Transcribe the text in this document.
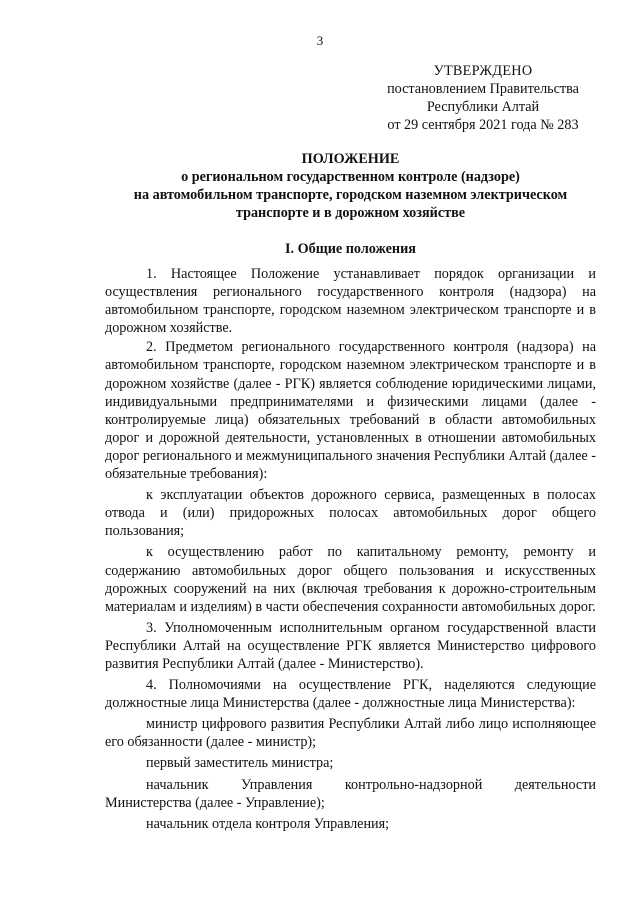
3
УТВЕРЖДЕНО
постановлением Правительства
Республики Алтай
от 29 сентября 2021 года № 283
ПОЛОЖЕНИЕ
о региональном государственном контроле (надзоре)
на автомобильном транспорте, городском наземном электрическом
транспорте и в дорожном хозяйстве
I. Общие положения

1. Настоящее Положение устанавливает порядок организации и осуществления регионального государственного контроля (надзора) на автомобильном транспорте, городском наземном электрическом транспорте и в дорожном хозяйстве.

2. Предметом регионального государственного контроля (надзора) на автомобильном транспорте, городском наземном электрическом транспорте и в дорожном хозяйстве (далее - РГК) является соблюдение юридическими лицами, индивидуальными предпринимателями и физическими лицами (далее - контролируемые лица) обязательных требований в области автомобильных дорог и дорожной деятельности, установленных в отношении автомобильных дорог регионального и межмуниципального значения Республики Алтай (далее - обязательные требования):

к эксплуатации объектов дорожного сервиса, размещенных в полосах отвода и (или) придорожных полосах автомобильных дорог общего пользования;

к осуществлению работ по капитальному ремонту, ремонту и содержанию автомобильных дорог общего пользования и искусственных дорожных сооружений на них (включая требования к дорожно-строительным материалам и изделиям) в части обеспечения сохранности автомобильных дорог.

3. Уполномоченным исполнительным органом государственной власти Республики Алтай на осуществление РГК является Министерство цифрового развития Республики Алтай (далее - Министерство).

4. Полномочиями на осуществление РГК, наделяются следующие должностные лица Министерства (далее - должностные лица Министерства):

министр цифрового развития Республики Алтай либо лицо исполняющее его обязанности (далее - министр);

первый заместитель министра;

начальник Управления контрольно-надзорной деятельности Министерства (далее - Управление);

начальник отдела контроля Управления;
